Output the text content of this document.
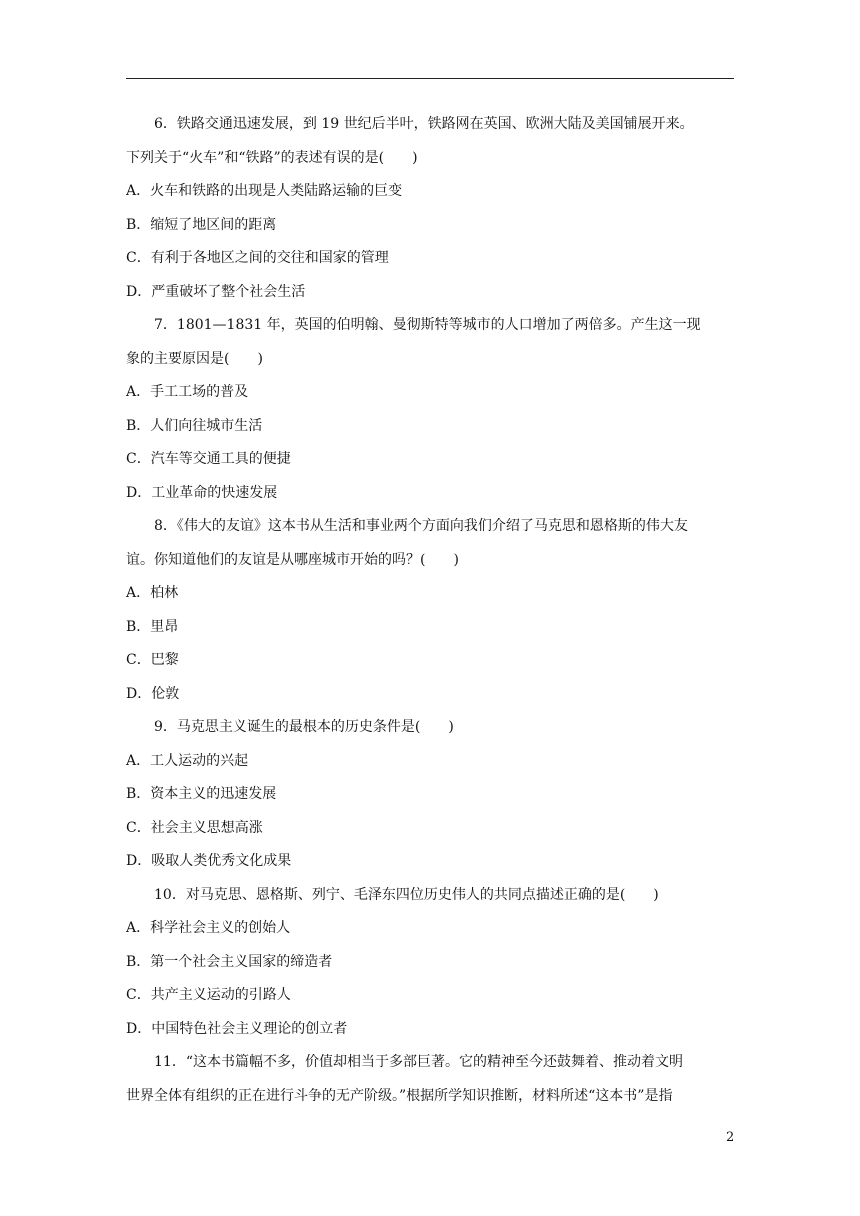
6．铁路交通迅速发展，到 19 世纪后半叶，铁路网在英国、欧洲大陆及美国铺展开来。
下列关于“火车”和“铁路”的表述有误的是(　　)
A．火车和铁路的出现是人类陆路运输的巨变
B．缩短了地区间的距离
C．有利于各地区之间的交往和国家的管理
D．严重破坏了整个社会生活
7．1801—1831 年，英国的伯明翰、曼彻斯特等城市的人口增加了两倍多。产生这一现
象的主要原因是(　　)
A．手工工场的普及
B．人们向往城市生活
C．汽车等交通工具的便捷
D．工业革命的快速发展
8．《伟大的友谊》这本书从生活和事业两个方面向我们介绍了马克思和恩格斯的伟大友
谊。你知道他们的友谊是从哪座城市开始的吗？(　　)
A．柏林
B．里昂
C．巴黎
D．伦敦
9．马克思主义诞生的最根本的历史条件是(　　)
A．工人运动的兴起
B．资本主义的迅速发展
C．社会主义思想高涨
D．吸取人类优秀文化成果
10．对马克思、恩格斯、列宁、毛泽东四位历史伟人的共同点描述正确的是(　　)
A．科学社会主义的创始人
B．第一个社会主义国家的缔造者
C．共产主义运动的引路人
D．中国特色社会主义理论的创立者
11．“这本书篇幅不多，价值却相当于多部巨著。它的精神至今还鼓舞着、推动着文明
世界全体有组织的正在进行斗争的无产阶级。”根据所学知识推断，材料所述“这本书”是指
2
